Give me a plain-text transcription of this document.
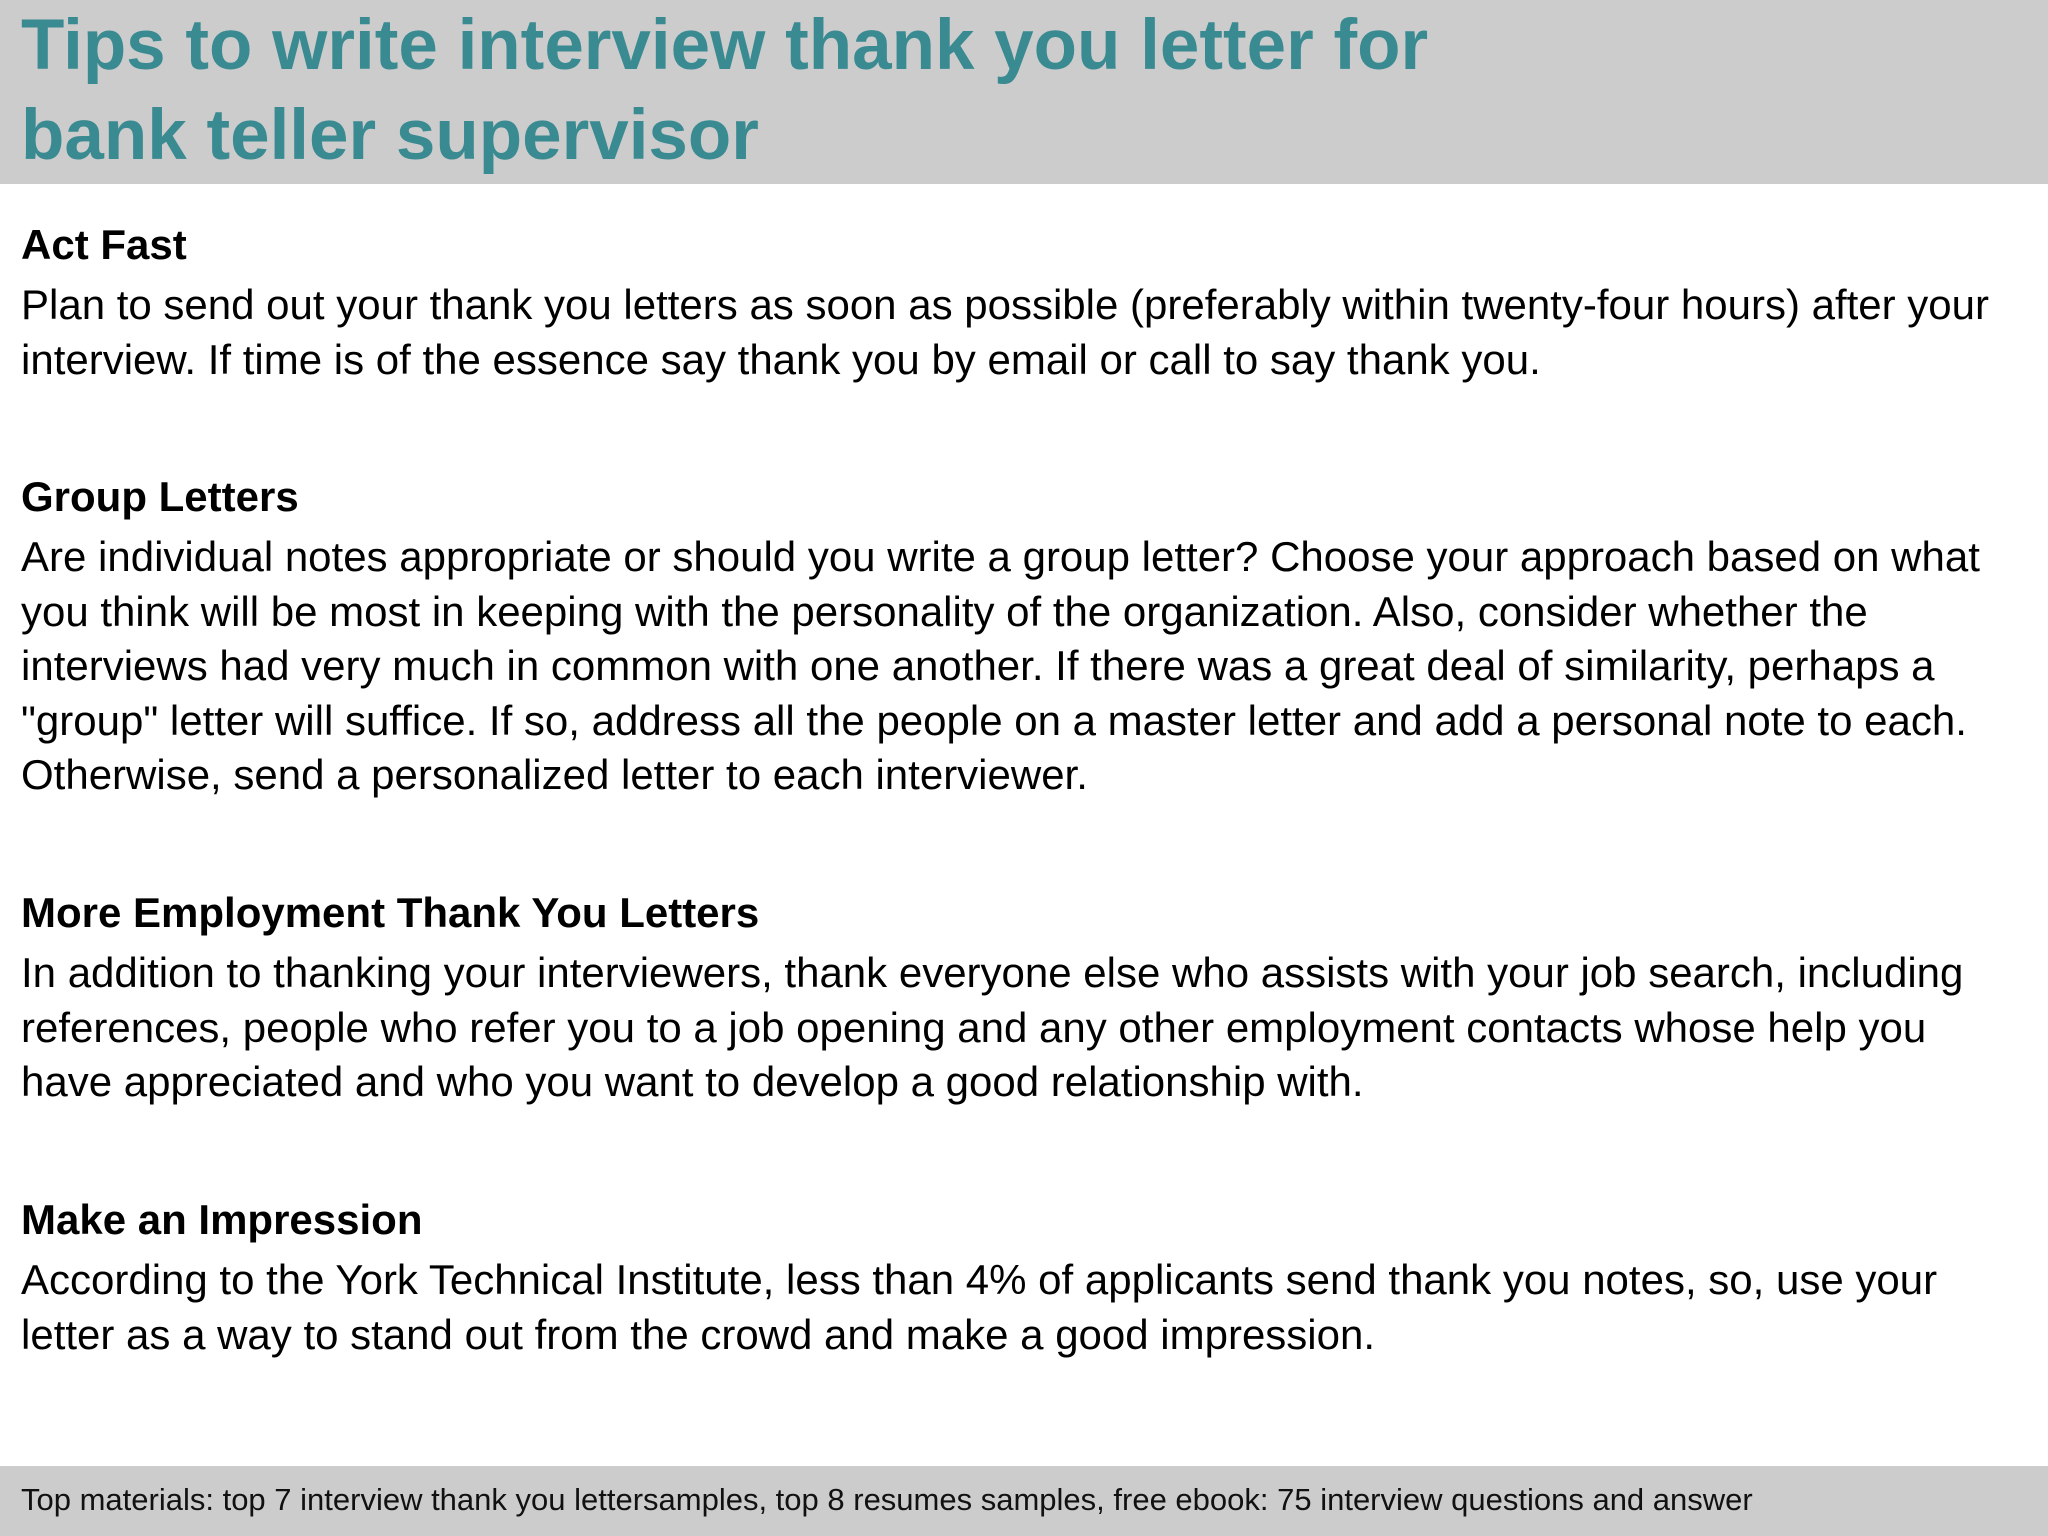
Tips to write interview thank you letter for
bank teller supervisor
Act Fast

Plan to send out your thank you letters as soon as possible (preferably within twenty-four hours) after your interview. If time is of the essence say thank you by email or call to say thank you.

Group Letters

Are individual notes appropriate or should you write a group letter? Choose your approach based on what you think will be most in keeping with the personality of the organization. Also, consider whether the interviews had very much in common with one another. If there was a great deal of similarity, perhaps a "group" letter will suffice. If so, address all the people on a master letter and add a personal note to each. Otherwise, send a personalized letter to each interviewer.

More Employment Thank You Letters

In addition to thanking your interviewers, thank everyone else who assists with your job search, including references, people who refer you to a job opening and any other employment contacts whose help you have appreciated and who you want to develop a good relationship with.

Make an Impression

According to the York Technical Institute, less than 4% of applicants send thank you notes, so, use your letter as a way to stand out from the crowd and make a good impression.

Top materials: top 7 interview thank you lettersamples, top 8 resumes samples, free ebook: 75 interview questions and answer
